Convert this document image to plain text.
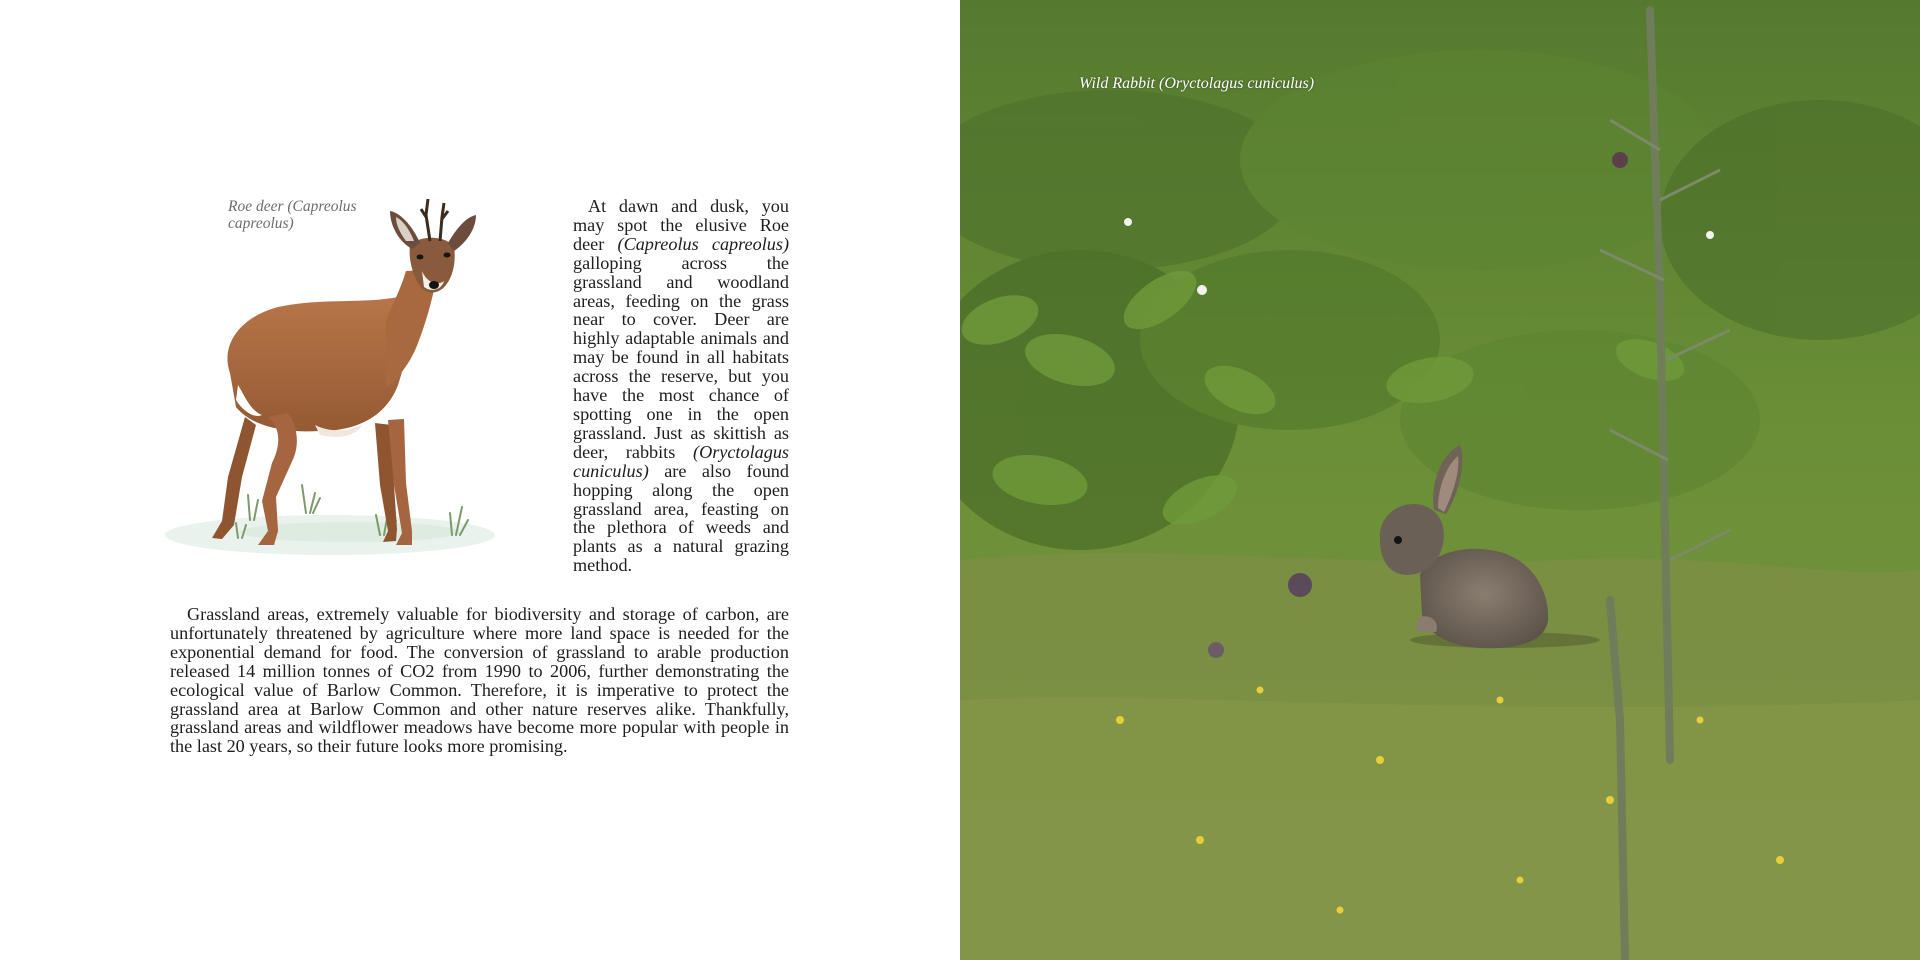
Roe deer (Capreolus capreolus)

At dawn and dusk, you may spot the elusive Roe deer (Capreolus capreolus) galloping across the grassland and woodland areas, feeding on the grass near to cover. Deer are highly adaptable animals and may be found in all habitats across the reserve, but you have the most chance of spotting one in the open grassland. Just as skittish as deer, rabbits (Oryctolagus cuniculus) are also found hopping along the open grassland area, feasting on the plethora of weeds and plants as a natural grazing method.

Grassland areas, extremely valuable for biodiversity and storage of carbon, are unfortunately threatened by agriculture where more land space is needed for the exponential demand for food. The conversion of grassland to arable production released 14 million tonnes of CO2 from 1990 to 2006, further demonstrating the ecological value of Barlow Common. Therefore, it is imperative to protect the grassland area at Barlow Common and other nature reserves alike. Thankfully, grassland areas and wildflower meadows have become more popular with people in the last 20 years, so their future looks more promising.

Wild Rabbit (Oryctolagus cuniculus)
